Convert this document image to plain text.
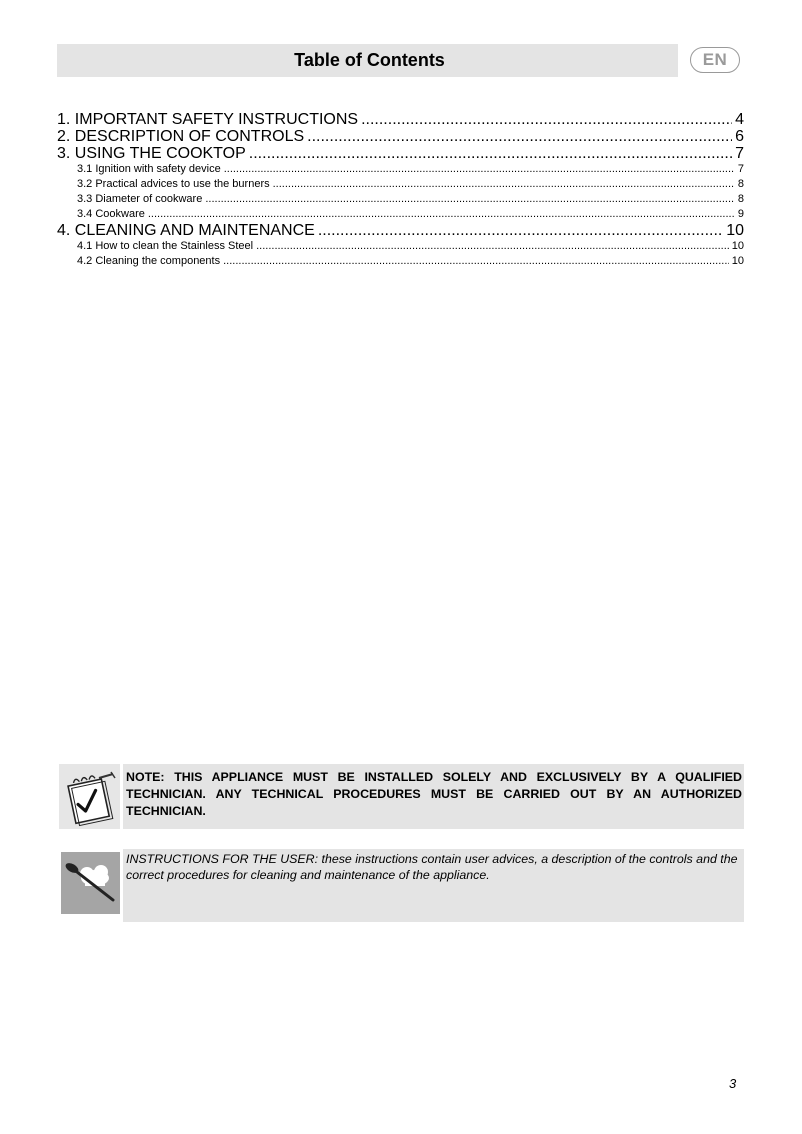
Table of Contents	EN
1. IMPORTANT SAFETY INSTRUCTIONS .....	4
2. DESCRIPTION OF CONTROLS .....	6
3. USING THE COOKTOP .....	7
3.1 Ignition with safety device .....	7
3.2 Practical advices to use the burners .....	8
3.3 Diameter of cookware .....	8
3.4 Cookware .....	9
4. CLEANING AND MAINTENANCE .....	10
4.1 How to clean the Stainless Steel .....	10
4.2 Cleaning the components .....	10
NOTE: THIS APPLIANCE MUST BE INSTALLED SOLELY AND EXCLUSIVELY BY A QUALIFIED TECHNICIAN. ANY TECHNICAL PROCEDURES MUST BE CARRIED OUT BY AN AUTHORIZED TECHNICIAN.
INSTRUCTIONS FOR THE USER: these instructions contain user advices, a description of the controls and the correct procedures for cleaning and maintenance of the appliance.
3
